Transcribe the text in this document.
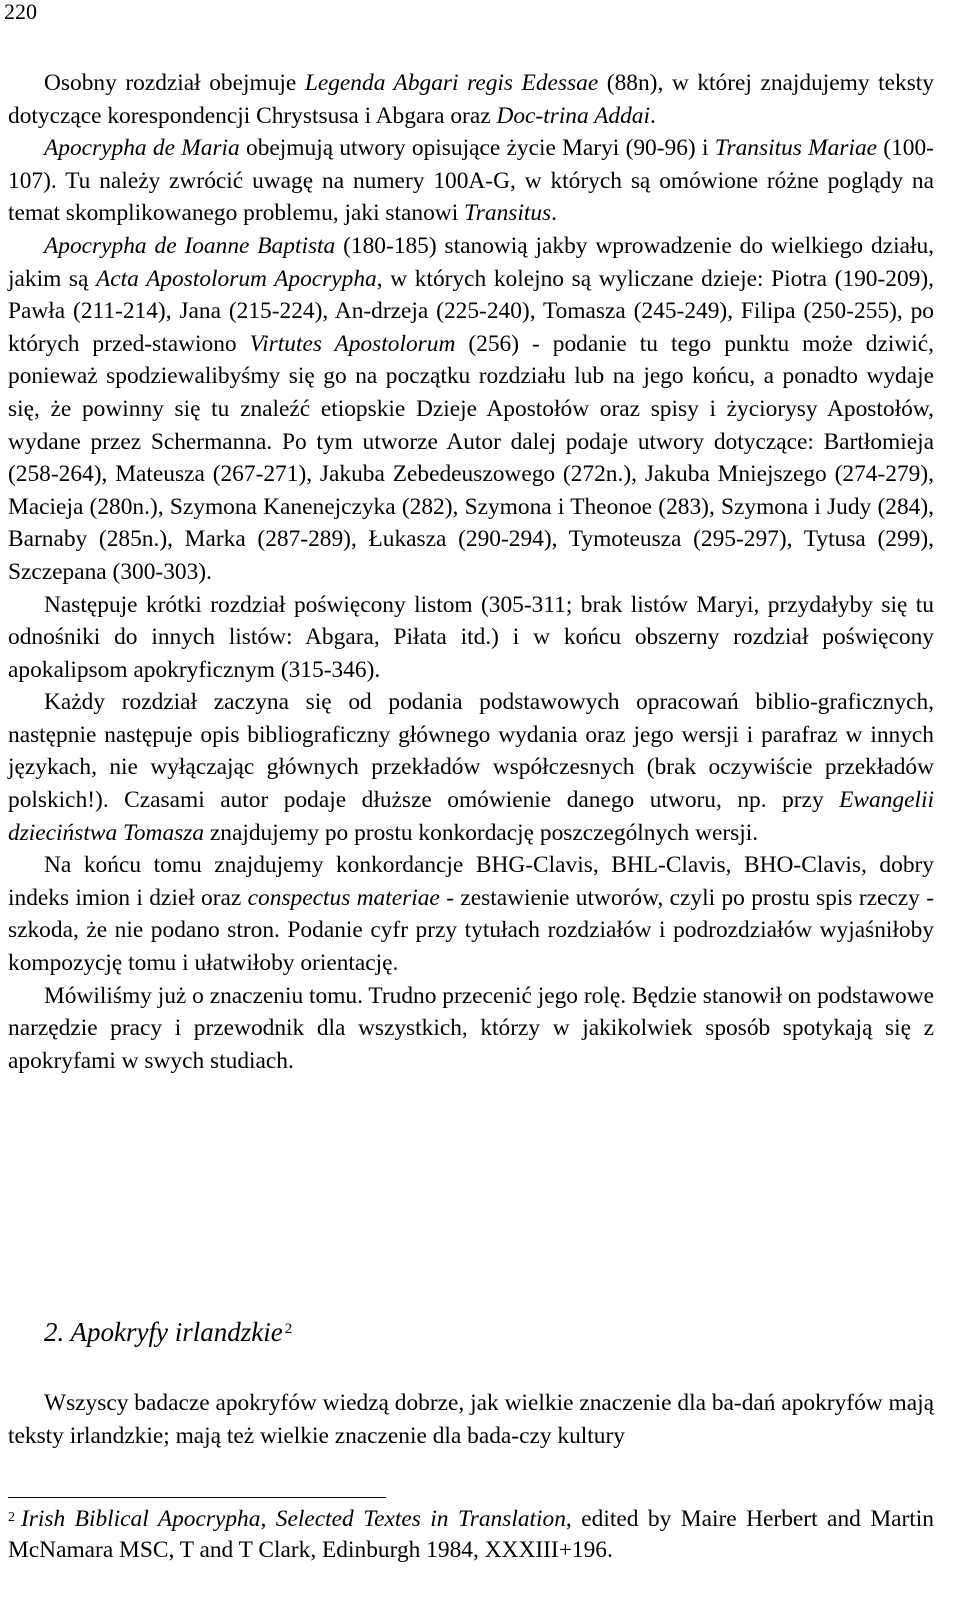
220

Osobny rozdział obejmuje Legenda Abgari regis Edessae (88n), w której znajdujemy teksty dotyczące korespondencji Chrystsusa i Abgara oraz Doc-trina Addai.

Apocrypha de Maria obejmują utwory opisujące życie Maryi (90-96) i Transitus Mariae (100-107). Tu należy zwrócić uwagę na numery 100A-G, w których są omówione różne poglądy na temat skomplikowanego problemu, jaki stanowi Transitus.

Apocrypha de Ioanne Baptista (180-185) stanowią jakby wprowadzenie do wielkiego działu, jakim są Acta Apostolorum Apocrypha, w których kolejno są wyliczane dzieje: Piotra (190-209), Pawła (211-214), Jana (215-224), An-drzeja (225-240), Tomasza (245-249), Filipa (250-255), po których przed-stawiono Virtutes Apostolorum (256) - podanie tu tego punktu może dziwić, ponieważ spodziewalibyśmy się go na początku rozdziału lub na jego końcu, a ponadto wydaje się, że powinny się tu znaleźć etiopskie Dzieje Apostołów oraz spisy i życiorysy Apostołów, wydane przez Schermanna. Po tym utworze Autor dalej podaje utwory dotyczące: Bartłomieja (258-264), Mateusza (267-271), Jakuba Zebedeuszowego (272n.), Jakuba Mniejszego (274-279), Macieja (280n.), Szymona Kanenejczyka (282), Szymona i Theonoe (283), Szymona i Judy (284), Barnaby (285n.), Marka (287-289), Łukasza (290-294), Tymoteusza (295-297), Tytusa (299), Szczepana (300-303).

Następuje krótki rozdział poświęcony listom (305-311; brak listów Maryi, przydałyby się tu odnośniki do innych listów: Abgara, Piłata itd.) i w końcu obszerny rozdział poświęcony apokalipsom apokryficznym (315-346).

Każdy rozdział zaczyna się od podania podstawowych opracowań biblio-graficznych, następnie następuje opis bibliograficzny głównego wydania oraz jego wersji i parafraz w innych językach, nie wyłączając głównych przekładów współczesnych (brak oczywiście przekładów polskich!). Czasami autor podaje dłuższe omówienie danego utworu, np. przy Ewangelii dzieciństwa Tomasza znajdujemy po prostu konkordację poszczególnych wersji.

Na końcu tomu znajdujemy konkordancje BHG-Clavis, BHL-Clavis, BHO-Clavis, dobry indeks imion i dzieł oraz conspectus materiae - zestawienie utworów, czyli po prostu spis rzeczy - szkoda, że nie podano stron. Podanie cyfr przy tytułach rozdziałów i podrozdziałów wyjaśniłoby kompozycję tomu i ułatwiłoby orientację.

Mówiliśmy już o znaczeniu tomu. Trudno przecenić jego rolę. Będzie stanowił on podstawowe narzędzie pracy i przewodnik dla wszystkich, którzy w jakikolwiek sposób spotykają się z apokryfami w swych studiach.

2. Apokryfy irlandzkie $^2$

Wszyscy badacze apokryfów wiedzą dobrze, jak wielkie znaczenie dla ba-dań apokryfów mają teksty irlandzkie; mają też wielkie znaczenie dla bada-czy kultury

$^2$ Irish Biblical Apocrypha, Selected Textes in Translation, edited by Maire Herbert and Martin McNamara MSC, T and T Clark, Edinburgh 1984, XXXIII+196.
